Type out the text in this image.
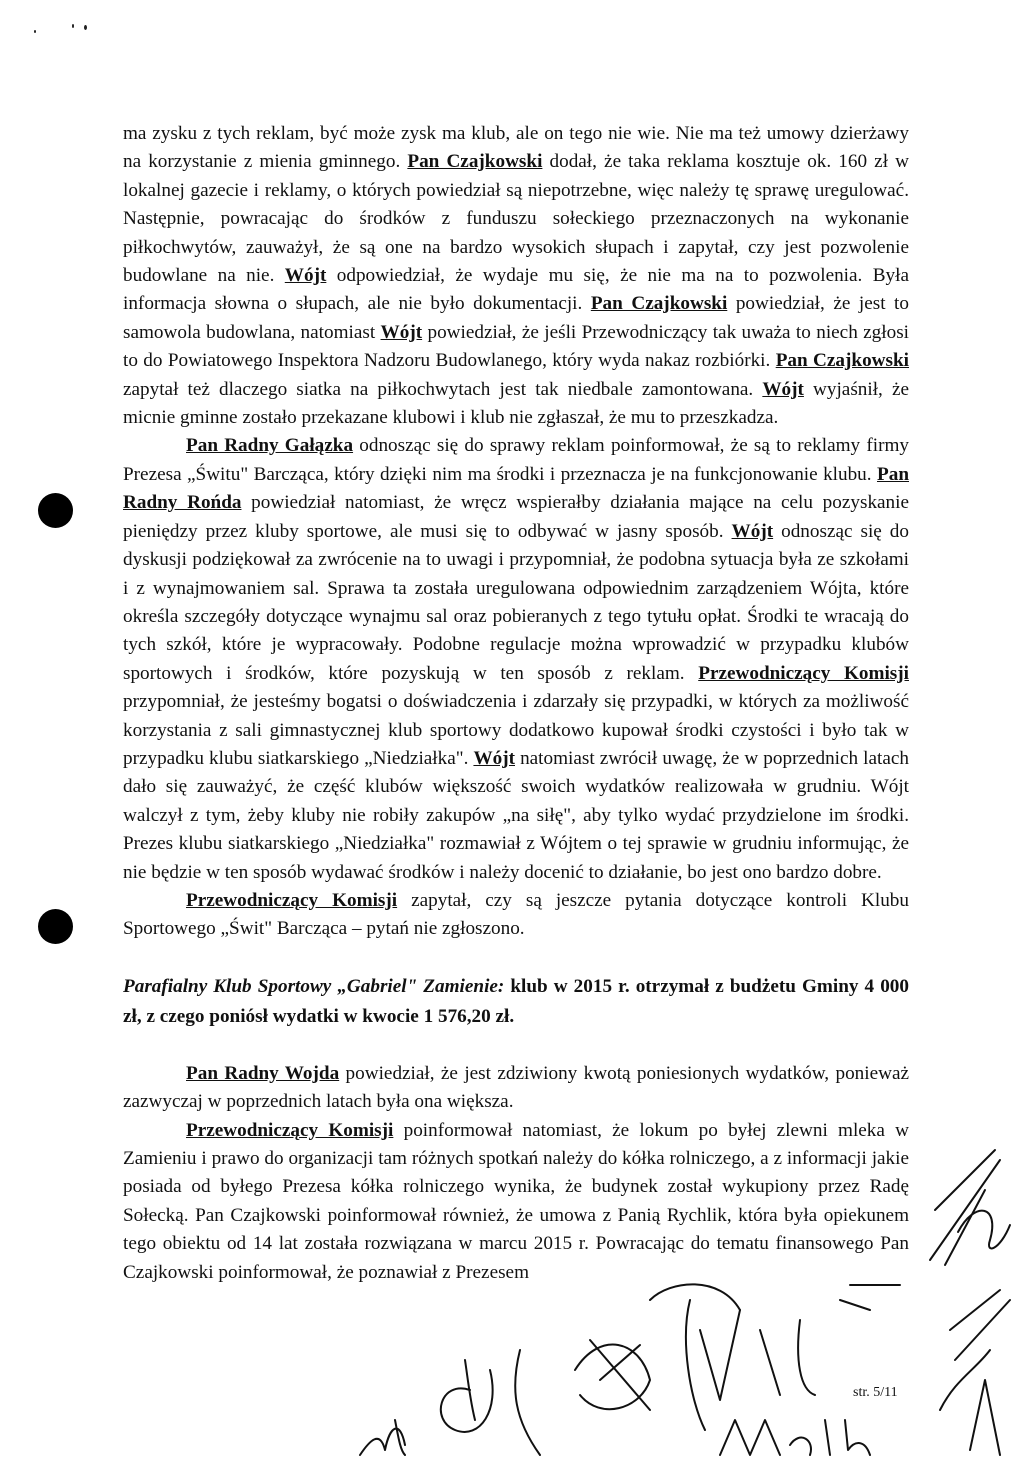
ma zysku z tych reklam, być może zysk ma klub, ale on tego nie wie. Nie ma też umowy dzierżawy na korzystanie z mienia gminnego. Pan Czajkowski dodał, że taka reklama kosztuje ok. 160 zł w lokalnej gazecie i reklamy, o których powiedział są niepotrzebne, więc należy tę sprawę uregulować. Następnie, powracając do środków z funduszu sołeckiego przeznaczonych na wykonanie piłkochwytów, zauważył, że są one na bardzo wysokich słupach i zapytał, czy jest pozwolenie budowlane na nie. Wójt odpowiedział, że wydaje mu się, że nie ma na to pozwolenia. Była informacja słowna o słupach, ale nie było dokumentacji. Pan Czajkowski powiedział, że jest to samowola budowlana, natomiast Wójt powiedział, że jeśli Przewodniczący tak uważa to niech zgłosi to do Powiatowego Inspektora Nadzoru Budowlanego, który wyda nakaz rozbiórki. Pan Czajkowski zapytał też dlaczego siatka na piłkochwytach jest tak niedbale zamontowana. Wójt wyjaśnił, że micnie gminne zostało przekazane klubowi i klub nie zgłaszał, że mu to przeszkadza.

Pan Radny Gałązka odnosząc się do sprawy reklam poinformował, że są to reklamy firmy Prezesa „Świtu" Barcząca, który dzięki nim ma środki i przeznacza je na funkcjonowanie klubu. Pan Radny Rońda powiedział natomiast, że wręcz wspierałby działania mające na celu pozyskanie pieniędzy przez kluby sportowe, ale musi się to odbywać w jasny sposób. Wójt odnosząc się do dyskusji podziękował za zwrócenie na to uwagi i przypomniał, że podobna sytuacja była ze szkołami i z wynajmowaniem sal. Sprawa ta została uregulowana odpowiednim zarządzeniem Wójta, które określa szczegóły dotyczące wynajmu sal oraz pobieranych z tego tytułu opłat. Środki te wracają do tych szkół, które je wypracowały. Podobne regulacje można wprowadzić w przypadku klubów sportowych i środków, które pozyskują w ten sposób z reklam. Przewodniczący Komisji przypomniał, że jesteśmy bogatsi o doświadczenia i zdarzały się przypadki, w których za możliwość korzystania z sali gimnastycznej klub sportowy dodatkowo kupował środki czystości i było tak w przypadku klubu siatkarskiego „Niedziałka". Wójt natomiast zwrócił uwagę, że w poprzednich latach dało się zauważyć, że część klubów większość swoich wydatków realizowała w grudniu. Wójt walczył z tym, żeby kluby nie robiły zakupów „na siłę", aby tylko wydać przydzielone im środki. Prezes klubu siatkarskiego „Niedziałka" rozmawiał z Wójtem o tej sprawie w grudniu informując, że nie będzie w ten sposób wydawać środków i należy docenić to działanie, bo jest ono bardzo dobre.

Przewodniczący Komisji zapytał, czy są jeszcze pytania dotyczące kontroli Klubu Sportowego „Świt" Barcząca – pytań nie zgłoszono.

Parafialny Klub Sportowy „Gabriel" Zamienie: klub w 2015 r. otrzymał z budżetu Gminy 4 000 zł, z czego poniósł wydatki w kwocie 1 576,20 zł.

Pan Radny Wojda powiedział, że jest zdziwiony kwotą poniesionych wydatków, ponieważ zazwyczaj w poprzednich latach była ona większa.

Przewodniczący Komisji poinformował natomiast, że lokum po byłej zlewni mleka w Zamieniu i prawo do organizacji tam różnych spotkań należy do kółka rolniczego, a z informacji jakie posiada od byłego Prezesa kółka rolniczego wynika, że budynek został wykupiony przez Radę Sołecką. Pan Czajkowski poinformował również, że umowa z Panią Rychlik, która była opiekunem tego obiektu od 14 lat została rozwiązana w marcu 2015 r. Powracając do tematu finansowego Pan Czajkowski poinformował, że poznawiał z Prezesem

str. 5/11
